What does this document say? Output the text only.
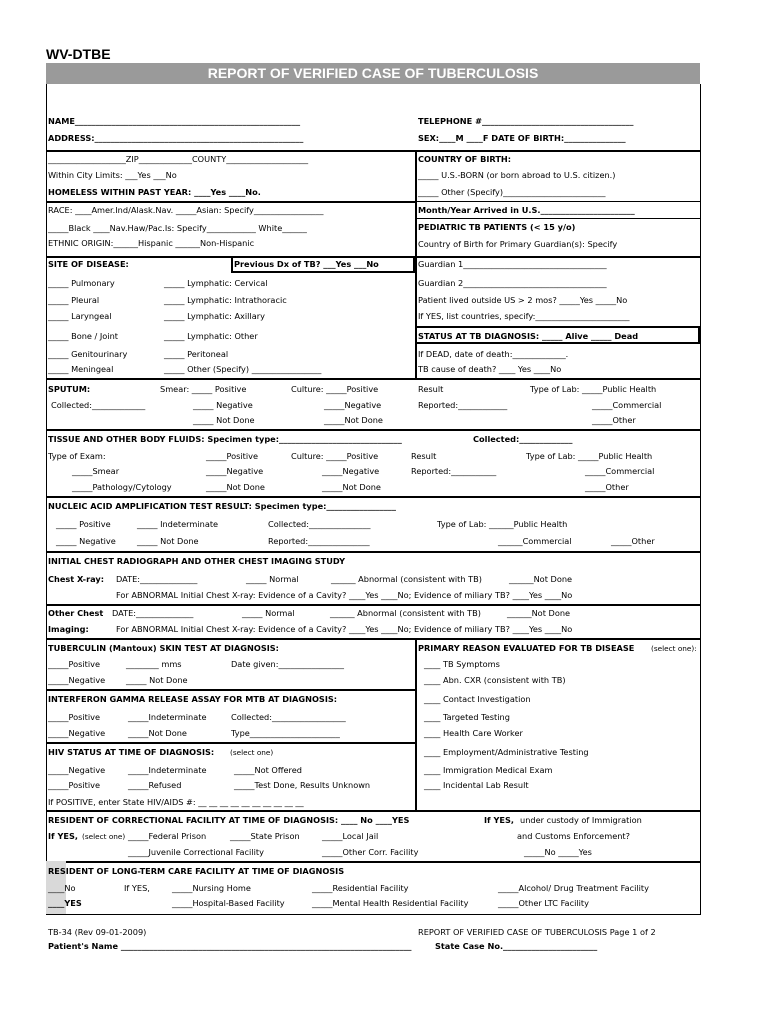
WV-DTBE
REPORT OF VERIFIED CASE OF TUBERCULOSIS
NAME_______________________________________________________
ADDRESS:___________________________________________________
TELEPHONE #_____________________________________
SEX:____M ____F DATE OF BIRTH:_______________
___________________ZIP_____________COUNTY____________________
Within City Limits: ___Yes ___No
HOMELESS WITHIN PAST YEAR: ____Yes ____No.
COUNTRY OF BIRTH:
_____ U.S.-BORN (or born abroad to U.S. citizen.)
_____ Other (Specify)_________________________
RACE: ____Amer.Ind/Alask.Nav. _____Asian: Specify_________________
_____Black ____Nav.Haw/Pac.Is: Specify____________ White______
ETHNIC ORIGIN:______Hispanic ______Non-Hispanic
Month/Year Arrived in U.S._______________________
PEDIATRIC TB PATIENTS (< 15 y/o)
Country of Birth for Primary Guardian(s): Specify
SITE OF DISEASE:	Previous Dx of TB? ___Yes ___No	Guardian 1___________________________________
_____ Pulmonary	_____ Lymphatic: Cervical	Guardian 2___________________________________
_____ Pleural	_____ Lymphatic: Intrathoracic	Patient lived outside US > 2 mos? _____Yes _____No
_____ Laryngeal	_____ Lymphatic: Axillary	If YES, list countries, specify:_______________________
_____ Bone / Joint	_____ Lymphatic: Other	STATUS AT TB DIAGNOSIS: _____ Alive _____ Dead
_____ Genitourinary	_____ Peritoneal	If DEAD, date of death:_____________.
_____ Meningeal	_____ Other (Specify) _________________	TB cause of death? ____ Yes ____No
SPUTUM:	Smear: _____ Positive	Culture: _____Positive	Result	Type of Lab: _____Public Health
Collected:_____________	_____ Negative	_____Negative	Reported:____________	_____Commercial
_____ Not Done	_____Not Done	_____Other
TISSUE AND OTHER BODY FLUIDS: Specimen type:______________________________	Collected:_____________
Type of Exam:	_____Positive	Culture: _____Positive	Result	Type of Lab: _____Public Health
_____Smear	_____Negative	_____Negative	Reported:___________	_____Commercial
_____Pathology/Cytology	_____Not Done	_____Not Done	_____Other
NUCLEIC ACID AMPLIFICATION TEST RESULT: Specimen type:_________________
_____ Positive	_____ Indeterminate	Collected:_______________	Type of Lab: ______Public Health
_____ Negative	_____ Not Done	Reported:_______________	______Commercial	_____Other
INITIAL CHEST RADIOGRAPH AND OTHER CHEST IMAGING STUDY
Chest X-ray: DATE:______________	_____ Normal	______ Abnormal (consistent with TB)	______Not Done
For ABNORMAL Initial Chest X-ray: Evidence of a Cavity? ____Yes ____No; Evidence of miliary TB? ____Yes ____No
Other Chest DATE:______________	_____ Normal	______ Abnormal (consistent with TB)	______Not Done
Imaging:	For ABNORMAL Initial Chest X-ray: Evidence of a Cavity? ____Yes ____No; Evidence of miliary TB? ____Yes ____No
TUBERCULIN (Mantoux) SKIN TEST AT DIAGNOSIS:
_____Positive	________ mms	Date given:________________
_____Negative	_____ Not Done
PRIMARY REASON EVALUATED FOR TB DISEASE (select one):
____ TB Symptoms
____ Abn. CXR (consistent with TB)
INTERFERON GAMMA RELEASE ASSAY FOR MTB AT DIAGNOSIS:
_____Positive	_____Indeterminate	Collected:__________________
_____Negative	_____Not Done	Type______________________
____ Contact Investigation
____ Targeted Testing
____ Health Care Worker
HIV STATUS AT TIME OF DIAGNOSIS: (select one)
_____Negative	_____Indeterminate	_____Not Offered
_____Positive	_____Refused	_____Test Done, Results Unknown
If POSITIVE, enter State HIV/AIDS #: __ __ __ __ __ __ __ __ __ __
____ Employment/Administrative Testing
____ Immigration Medical Exam
____ Incidental Lab Result
RESIDENT OF CORRECTIONAL FACILITY AT TIME OF DIAGNOSIS: ____ No ____YES	If YES, under custody of Immigration
If YES, (select one) _____Federal Prison	_____State Prison	_____Local Jail	and Customs Enforcement?
_____Juvenile Correctional Facility	_____Other Corr. Facility	_____No _____Yes
RESIDENT OF LONG-TERM CARE FACILITY AT TIME OF DIAGNOSIS
____No	If YES,	_____Nursing Home	_____Residential Facility	_____Alcohol/ Drug Treatment Facility
____YES	_____Hospital-Based Facility	_____Mental Health Residential Facility	_____Other LTC Facility
TB-34 (Rev 09-01-2009)	REPORT OF VERIFIED CASE OF TUBERCULOSIS Page 1 of 2
Patient's Name _______________________________________________________________________	State Case No._______________________
